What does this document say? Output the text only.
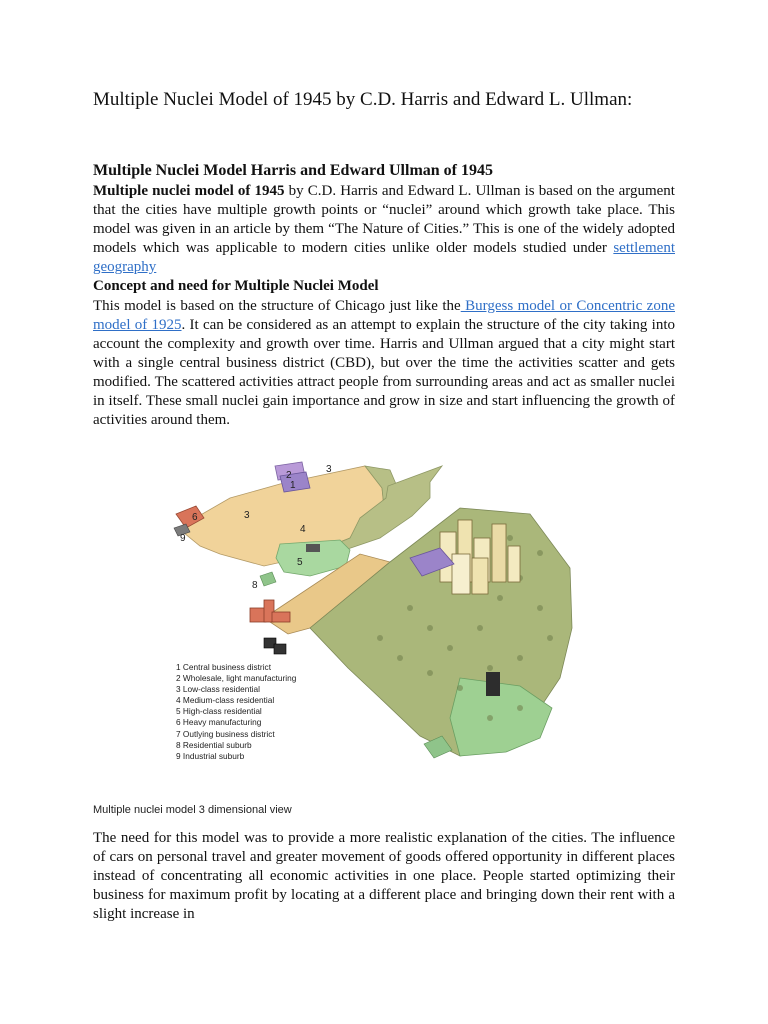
Multiple Nuclei Model of 1945 by C.D. Harris and Edward L. Ullman:
Multiple Nuclei Model Harris and Edward Ullman of 1945

Multiple nuclei model of 1945 by C.D. Harris and Edward L. Ullman is based on the argument that the cities have multiple growth points or “nuclei” around which growth take place. This model was given in an article by them “The Nature of Cities.” This is one of the widely adopted models which was applicable to modern cities unlike older models studied under settlement geography

Concept and need for Multiple Nuclei Model

This model is based on the structure of Chicago just like the Burgess model or Concentric zone model of 1925. It can be considered as an attempt to explain the structure of the city taking into account the complexity and growth over time. Harris and Ullman argued that a city might start with a single central business district (CBD), but over the time the activities scatter and gets modified. The scattered activities attract people from surrounding areas and act as smaller nuclei in itself. These small nuclei gain importance and grow in size and start influencing the growth of activities around them.

1
2
3
3
4
5
6
8
9
1 Central business district
2 Wholesale, light manufacturing
3 Low-class residential
4 Medium-class residential
5 High-class residential
6 Heavy manufacturing
7 Outlying business district
8 Residential suburb
9 Industrial suburb

Multiple nuclei model 3 dimensional view

The need for this model was to provide a more realistic explanation of the cities. The influence of cars on personal travel and greater movement of goods offered opportunity in different places instead of concentrating all economic activities in one place. People started optimizing their business for maximum profit by locating at a different place and bringing down their rent with a slight increase in
